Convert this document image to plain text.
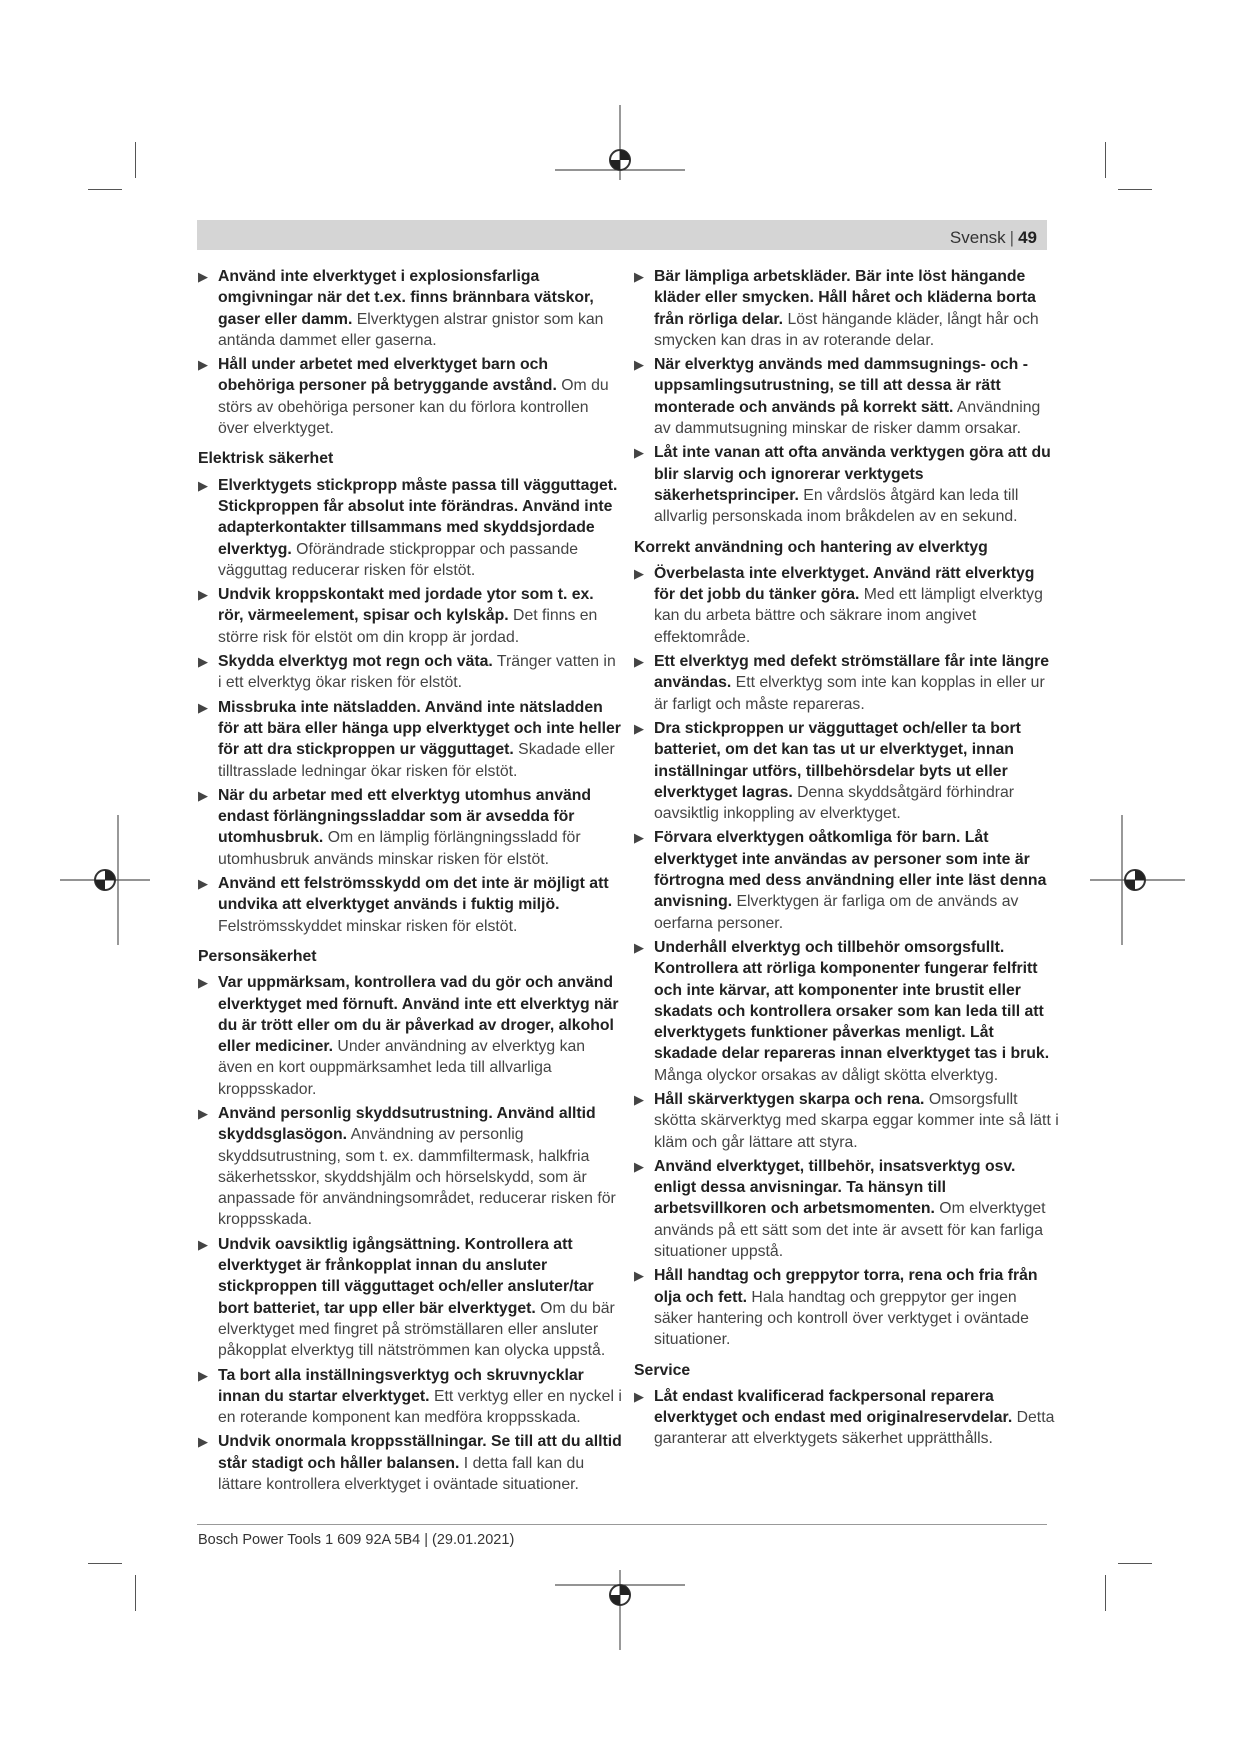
Svensk | 49
▶ Använd inte elverktyget i explosionsfarliga omgivningar när det t.ex. finns brännbara vätskor, gaser eller damm. Elverktygen alstrar gnistor som kan antända dammet eller gaserna.
▶ Håll under arbetet med elverktyget barn och obehöriga personer på betryggande avstånd. Om du störs av obehöriga personer kan du förlora kontrollen över elverktyget.
Elektrisk säkerhet
▶ Elverktygets stickpropp måste passa till vägguttaget. Stickproppen får absolut inte förändras. Använd inte adapterkontakter tillsammans med skyddsjordade elverktyg. Oförändrade stickproppar och passande vägguttag reducerar risken för elstöt.
▶ Undvik kroppskontakt med jordade ytor som t. ex. rör, värmeelement, spisar och kylskåp. Det finns en större risk för elstöt om din kropp är jordad.
▶ Skydda elverktyg mot regn och väta. Tränger vatten in i ett elverktyg ökar risken för elstöt.
▶ Missbruka inte nätsladden. Använd inte nätsladden för att bära eller hänga upp elverktyget och inte heller för att dra stickproppen ur vägguttaget. Skadade eller tilltrasslade ledningar ökar risken för elstöt.
▶ När du arbetar med ett elverktyg utomhus använd endast förlängningssladdar som är avsedda för utomhusbruk. Om en lämplig förlängningssladd för utomhusbruk används minskar risken för elstöt.
▶ Använd ett felströmsskydd om det inte är möjligt att undvika att elverktyget används i fuktig miljö. Felströmsskyddet minskar risken för elstöt.
Personsäkerhet
▶ Var uppmärksam, kontrollera vad du gör och använd elverktyget med förnuft. Använd inte ett elverktyg när du är trött eller om du är påverkad av droger, alkohol eller mediciner. Under användning av elverktyg kan även en kort ouppmärksamhet leda till allvarliga kroppsskador.
▶ Använd personlig skyddsutrustning. Använd alltid skyddsglasögon. Användning av personlig skyddsutrustning, som t. ex. dammfiltermask, halkfria säkerhetsskor, skyddshjälm och hörselskydd, som är anpassade för användningsområdet, reducerar risken för kroppsskada.
▶ Undvik oavsiktlig igångsättning. Kontrollera att elverktyget är frånkopplat innan du ansluter stickproppen till vägguttaget och/eller ansluter/tar bort batteriet, tar upp eller bär elverktyget. Om du bär elverktyget med fingret på strömställaren eller ansluter påkopplat elverktyg till nätströmmen kan olycka uppstå.
▶ Ta bort alla inställningsverktyg och skruvnycklar innan du startar elverktyget. Ett verktyg eller en nyckel i en roterande komponent kan medföra kroppsskada.
▶ Undvik onormala kroppsställningar. Se till att du alltid står stadigt och håller balansen. I detta fall kan du lättare kontrollera elverktyget i oväntade situationer.
▶ Bär lämpliga arbetskläder. Bär inte löst hängande kläder eller smycken. Håll håret och kläderna borta från rörliga delar. Löst hängande kläder, långt hår och smycken kan dras in av roterande delar.
▶ När elverktyg används med dammsugnings- och -uppsamlingsutrustning, se till att dessa är rätt monterade och används på korrekt sätt. Användning av dammutsugning minskar de risker damm orsakar.
▶ Låt inte vanan att ofta använda verktygen göra att du blir slarvig och ignorerar verktygets säkerhetsprinciper. En vårdslös åtgärd kan leda till allvarlig personskada inom bråkdelen av en sekund.
Korrekt användning och hantering av elverktyg
▶ Överbelasta inte elverktyget. Använd rätt elverktyg för det jobb du tänker göra. Med ett lämpligt elverktyg kan du arbeta bättre och säkrare inom angivet effektområde.
▶ Ett elverktyg med defekt strömställare får inte längre användas. Ett elverktyg som inte kan kopplas in eller ur är farligt och måste repareras.
▶ Dra stickproppen ur vägguttaget och/eller ta bort batteriet, om det kan tas ut ur elverktyget, innan inställningar utförs, tillbehörsdelar byts ut eller elverktyget lagras. Denna skyddsåtgärd förhindrar oavsiktlig inkoppling av elverktyget.
▶ Förvara elverktygen oåtkomliga för barn. Låt elverktyget inte användas av personer som inte är förtrogna med dess användning eller inte läst denna anvisning. Elverktygen är farliga om de används av oerfarna personer.
▶ Underhåll elverktyg och tillbehör omsorgsfullt. Kontrollera att rörliga komponenter fungerar felfritt och inte kärvar, att komponenter inte brustit eller skadats och kontrollera orsaker som kan leda till att elverktygets funktioner påverkas menligt. Låt skadade delar repareras innan elverktyget tas i bruk. Många olyckor orsakas av dåligt skötta elverktyg.
▶ Håll skärverktygen skarpa och rena. Omsorgsfullt skötta skärverktyg med skarpa eggar kommer inte så lätt i kläm och går lättare att styra.
▶ Använd elverktyget, tillbehör, insatsverktyg osv. enligt dessa anvisningar. Ta hänsyn till arbetsvillkoren och arbetsmomenten. Om elverktyget används på ett sätt som det inte är avsett för kan farliga situationer uppstå.
▶ Håll handtag och greppytor torra, rena och fria från olja och fett. Hala handtag och greppytor ger ingen säker hantering och kontroll över verktyget i oväntade situationer.
Service
▶ Låt endast kvalificerad fackpersonal reparera elverktyget och endast med originalreservdelar. Detta garanterar att elverktygets säkerhet upprätthålls.
Bosch Power Tools 1 609 92A 5B4 | (29.01.2021)
